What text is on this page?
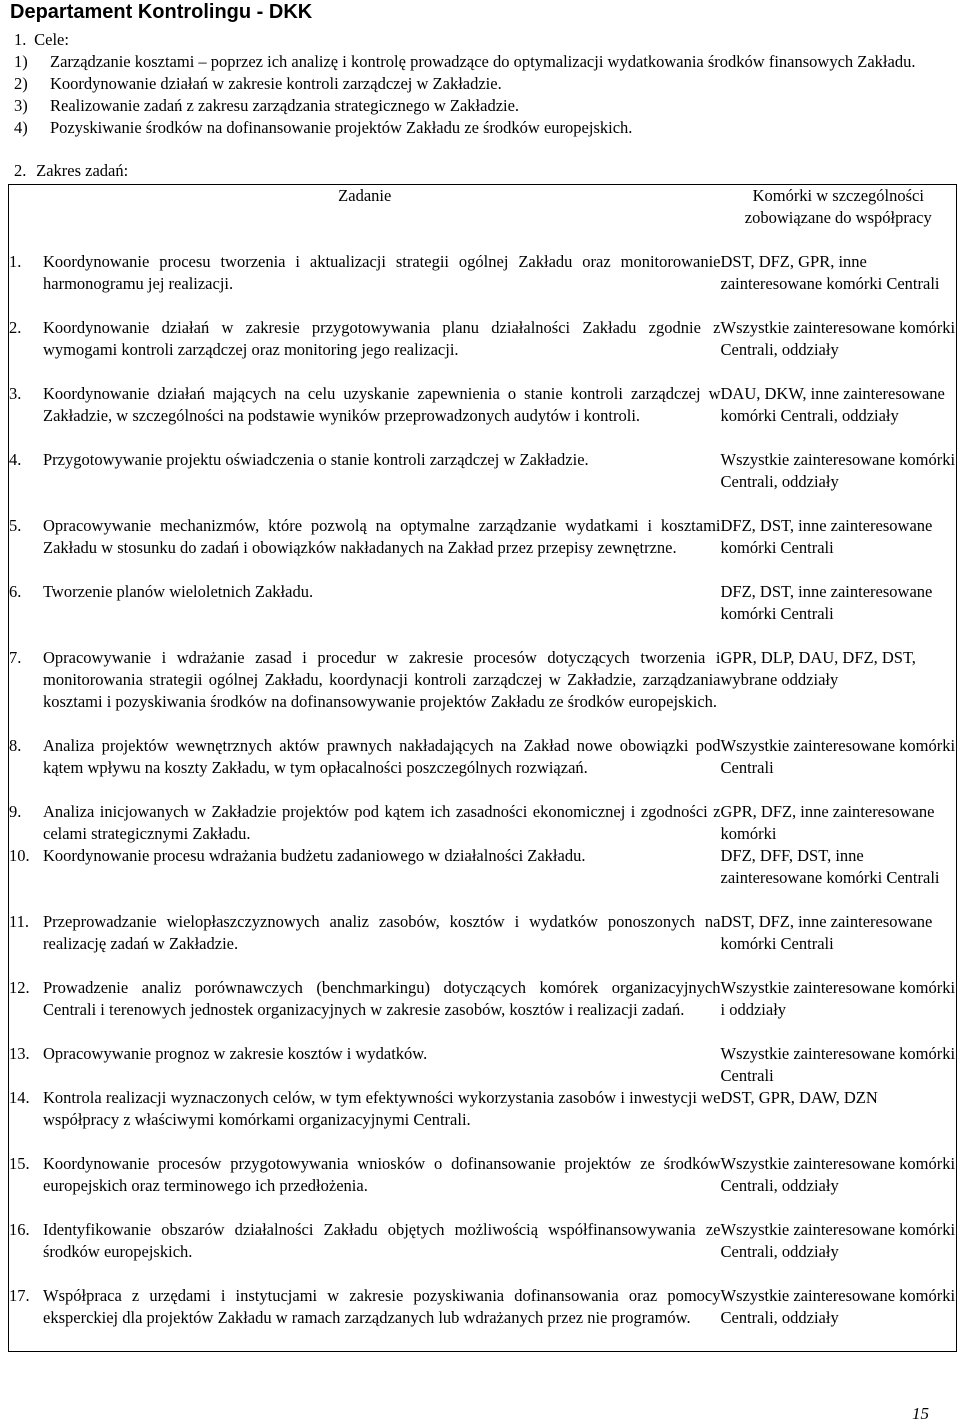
Departament Kontrolingu - DKK
1. Cele:
1)	Zarządzanie kosztami – poprzez ich analizę i kontrolę prowadzące do optymalizacji wydatkowania środków finansowych Zakładu.
2)	Koordynowanie działań w zakresie kontroli zarządczej w Zakładzie.
3)	Realizowanie zadań z zakresu zarządzania strategicznego w Zakładzie.
4)	Pozyskiwanie środków na dofinansowanie projektów Zakładu ze środków europejskich.
2. Zakres zadań:
Zadanie	Komórki w szczególności zobowiązane do współpracy

1. Koordynowanie procesu tworzenia i aktualizacji strategii ogólnej Zakładu oraz monitorowanie harmonogramu jej realizacji.	DST, DFZ, GPR, inne zainteresowane komórki Centrali

2. Koordynowanie działań w zakresie przygotowywania planu działalności Zakładu zgodnie z wymogami kontroli zarządczej oraz monitoring jego realizacji.	Wszystkie zainteresowane komórki Centrali, oddziały

3. Koordynowanie działań mających na celu uzyskanie zapewnienia o stanie kontroli zarządczej w Zakładzie, w szczególności na podstawie wyników przeprowadzonych audytów i kontroli.	DAU, DKW, inne zainteresowane komórki Centrali, oddziały

4. Przygotowywanie projektu oświadczenia o stanie kontroli zarządczej w Zakładzie.	Wszystkie zainteresowane komórki Centrali, oddziały

5. Opracowywanie mechanizmów, które pozwolą na optymalne zarządzanie wydatkami i kosztami Zakładu w stosunku do zadań i obowiązków nakładanych na Zakład przez przepisy zewnętrzne.	DFZ, DST, inne zainteresowane komórki Centrali

6. Tworzenie planów wieloletnich Zakładu.	DFZ, DST, inne zainteresowane komórki Centrali

7. Opracowywanie i wdrażanie zasad i procedur w zakresie procesów dotyczących tworzenia i monitorowania strategii ogólnej Zakładu, koordynacji kontroli zarządczej w Zakładzie, zarządzania kosztami i pozyskiwania środków na dofinansowywanie projektów Zakładu ze środków europejskich.	GPR, DLP, DAU, DFZ, DST, wybrane oddziały

8. Analiza projektów wewnętrznych aktów prawnych nakładających na Zakład nowe obowiązki pod kątem wpływu na koszty Zakładu, w tym opłacalności poszczególnych rozwiązań.	Wszystkie zainteresowane komórki Centrali

9. Analiza inicjowanych w Zakładzie projektów pod kątem ich zasadności ekonomicznej i zgodności z celami strategicznymi Zakładu.	GPR, DFZ, inne zainteresowane komórki

10. Koordynowanie procesu wdrażania budżetu zadaniowego w działalności Zakładu.	DFZ, DFF, DST, inne zainteresowane komórki Centrali

11. Przeprowadzanie wielopłaszczyznowych analiz zasobów, kosztów i wydatków ponoszonych na realizację zadań w Zakładzie.	DST, DFZ, inne zainteresowane komórki Centrali

12. Prowadzenie analiz porównawczych (benchmarkingu) dotyczących komórek organizacyjnych Centrali i terenowych jednostek organizacyjnych w zakresie zasobów, kosztów i realizacji zadań.	Wszystkie zainteresowane komórki i oddziały

13. Opracowywanie prognoz w zakresie kosztów i wydatków.	Wszystkie zainteresowane komórki Centrali

14. Kontrola realizacji wyznaczonych celów, w tym efektywności wykorzystania zasobów i inwestycji we współpracy z właściwymi komórkami organizacyjnymi Centrali.	DST, GPR, DAW, DZN

15. Koordynowanie procesów przygotowywania wniosków o dofinansowanie projektów ze środków europejskich oraz terminowego ich przedłożenia.	Wszystkie zainteresowane komórki Centrali, oddziały

16. Identyfikowanie obszarów działalności Zakładu objętych możliwością współfinansowywania ze środków europejskich.	Wszystkie zainteresowane komórki Centrali, oddziały

17. Współpraca z urzędami i instytucjami w zakresie pozyskiwania dofinansowania oraz pomocy eksperckiej dla projektów Zakładu w ramach zarządzanych lub wdrażanych przez nie programów.	Wszystkie zainteresowane komórki Centrali, oddziały
15
